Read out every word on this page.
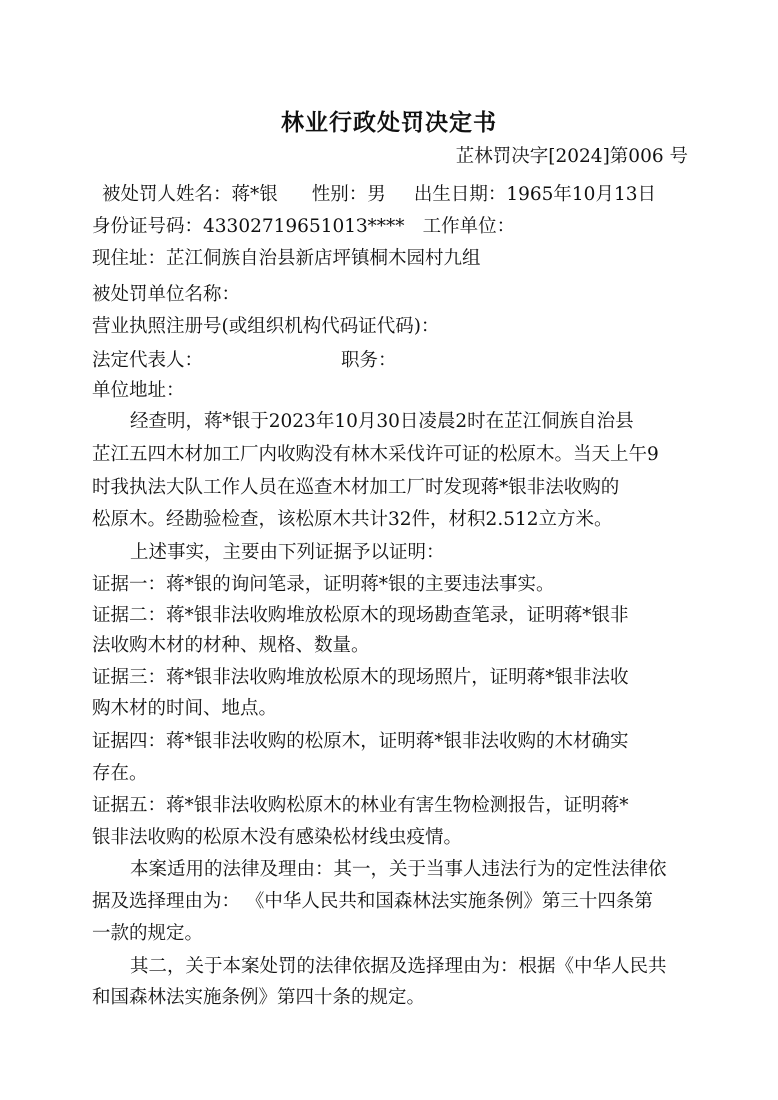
林业行政处罚决定书
芷林罚决字[2024]第006 号
被处罚人姓名：蒋*银 性别：男 出生日期：1965年10月13日
身份证号码：4330271965101З**** 工作单位：
现住址：芷江侗族自治县新店坪镇桐木园村九组
被处罚单位名称：
营业执照注册号(或组织机构代码证代码)：
法定代表人：	职务：
单位地址：
经查明，蒋*银于2023年10月30日凌晨2时在芷江侗族自治县
芷江五四木材加工厂内收购没有林木采伐许可证的松原木。当天上午9
时我执法大队工作人员在巡查木材加工厂时发现蒋*银非法收购的
松原木。经勘验检查，该松原木共计32件，材积2.512立方米。
上述事实，主要由下列证据予以证明：
证据一：蒋*银的询问笔录，证明蒋*银的主要违法事实。
证据二：蒋*银非法收购堆放松原木的现场勘查笔录，证明蒋*银非
法收购木材的材种、规格、数量。
证据三：蒋*银非法收购堆放松原木的现场照片，证明蒋*银非法收
购木材的时间、地点。
证据四：蒋*银非法收购的松原木，证明蒋*银非法收购的木材确实
存在。
证据五：蒋*银非法收购松原木的林业有害生物检测报告，证明蒋*
银非法收购的松原木没有感染松材线虫疫情。
本案适用的法律及理由：其一，关于当事人违法行为的定性法律依
据及选择理由为： 《中华人民共和国森林法实施条例》第三十四条第
一款的规定。
其二，关于本案处罚的法律依据及选择理由为：根据《中华人民共
和国森林法实施条例》第四十条的规定。
